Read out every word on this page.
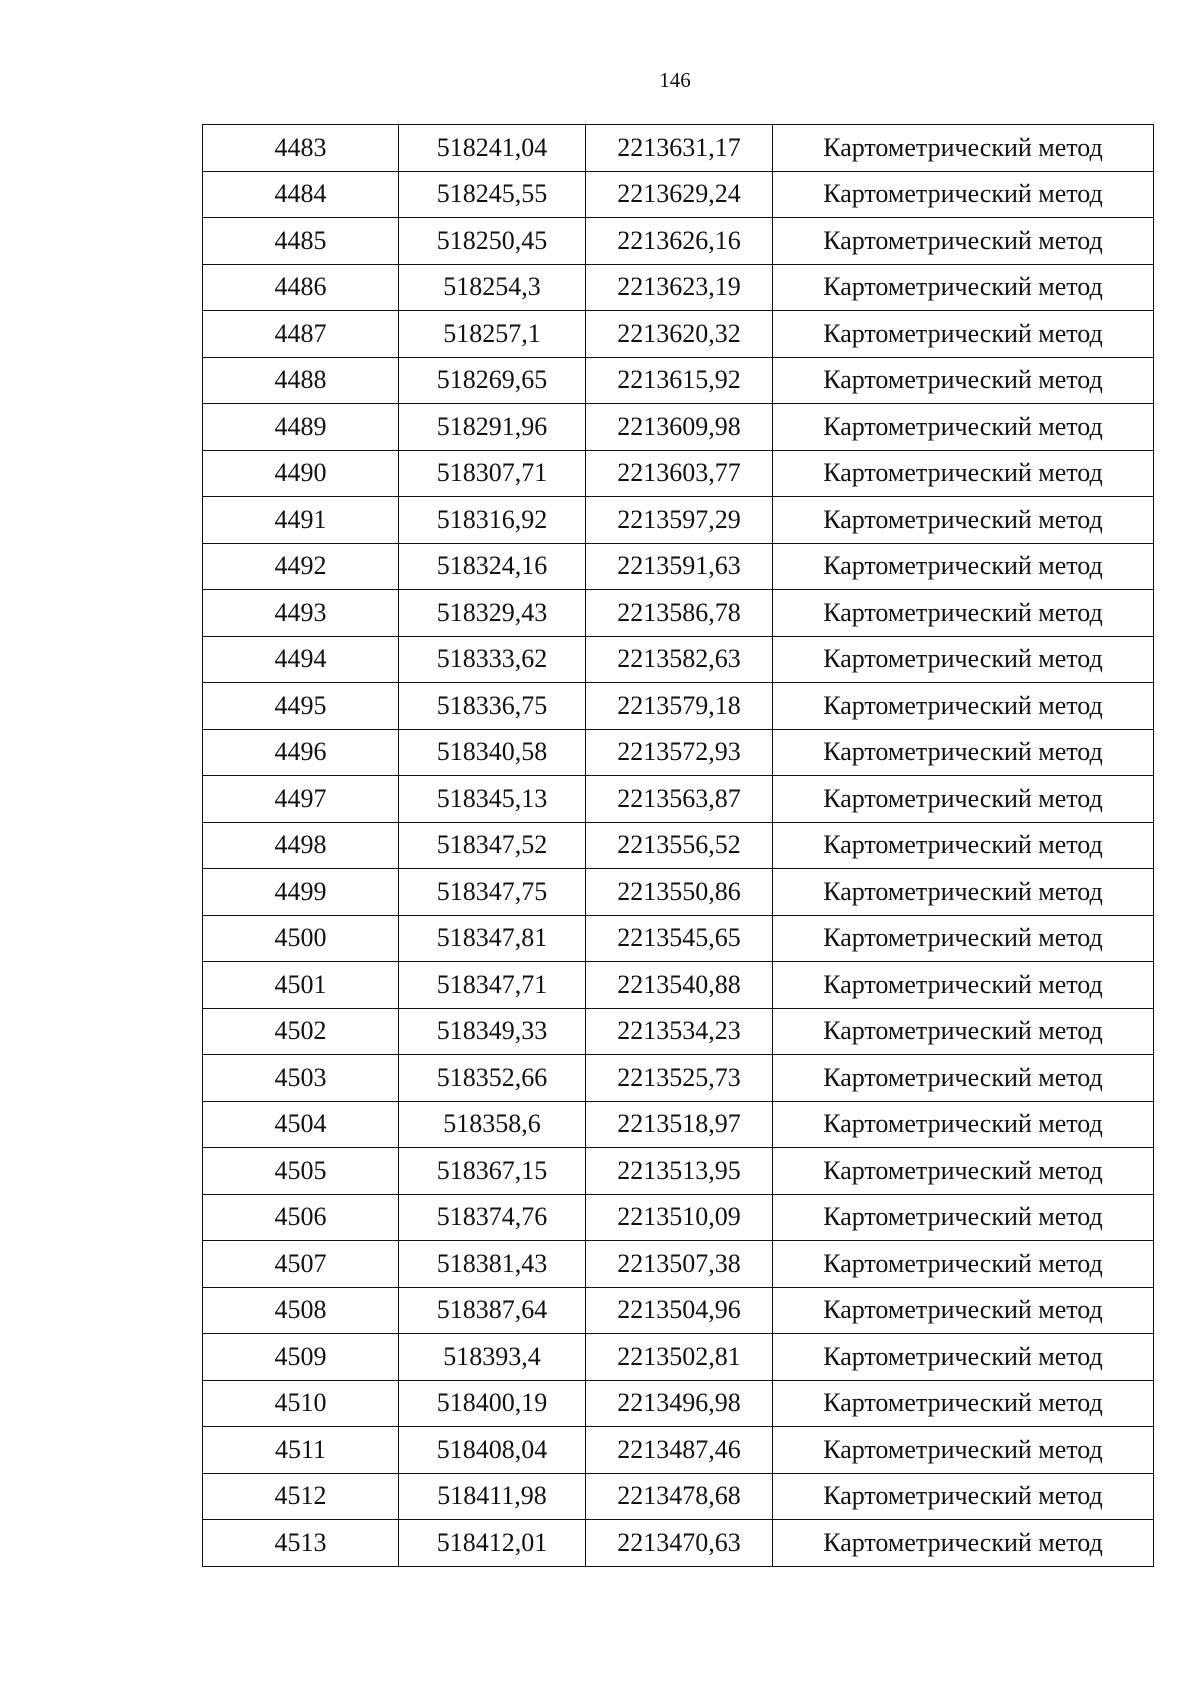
146
4483	518241,04	2213631,17	Картометрический метод
4484	518245,55	2213629,24	Картометрический метод
4485	518250,45	2213626,16	Картометрический метод
4486	518254,3	2213623,19	Картометрический метод
4487	518257,1	2213620,32	Картометрический метод
4488	518269,65	2213615,92	Картометрический метод
4489	518291,96	2213609,98	Картометрический метод
4490	518307,71	2213603,77	Картометрический метод
4491	518316,92	2213597,29	Картометрический метод
4492	518324,16	2213591,63	Картометрический метод
4493	518329,43	2213586,78	Картометрический метод
4494	518333,62	2213582,63	Картометрический метод
4495	518336,75	2213579,18	Картометрический метод
4496	518340,58	2213572,93	Картометрический метод
4497	518345,13	2213563,87	Картометрический метод
4498	518347,52	2213556,52	Картометрический метод
4499	518347,75	2213550,86	Картометрический метод
4500	518347,81	2213545,65	Картометрический метод
4501	518347,71	2213540,88	Картометрический метод
4502	518349,33	2213534,23	Картометрический метод
4503	518352,66	2213525,73	Картометрический метод
4504	518358,6	2213518,97	Картометрический метод
4505	518367,15	2213513,95	Картометрический метод
4506	518374,76	2213510,09	Картометрический метод
4507	518381,43	2213507,38	Картометрический метод
4508	518387,64	2213504,96	Картометрический метод
4509	518393,4	2213502,81	Картометрический метод
4510	518400,19	2213496,98	Картометрический метод
4511	518408,04	2213487,46	Картометрический метод
4512	518411,98	2213478,68	Картометрический метод
4513	518412,01	2213470,63	Картометрический метод
